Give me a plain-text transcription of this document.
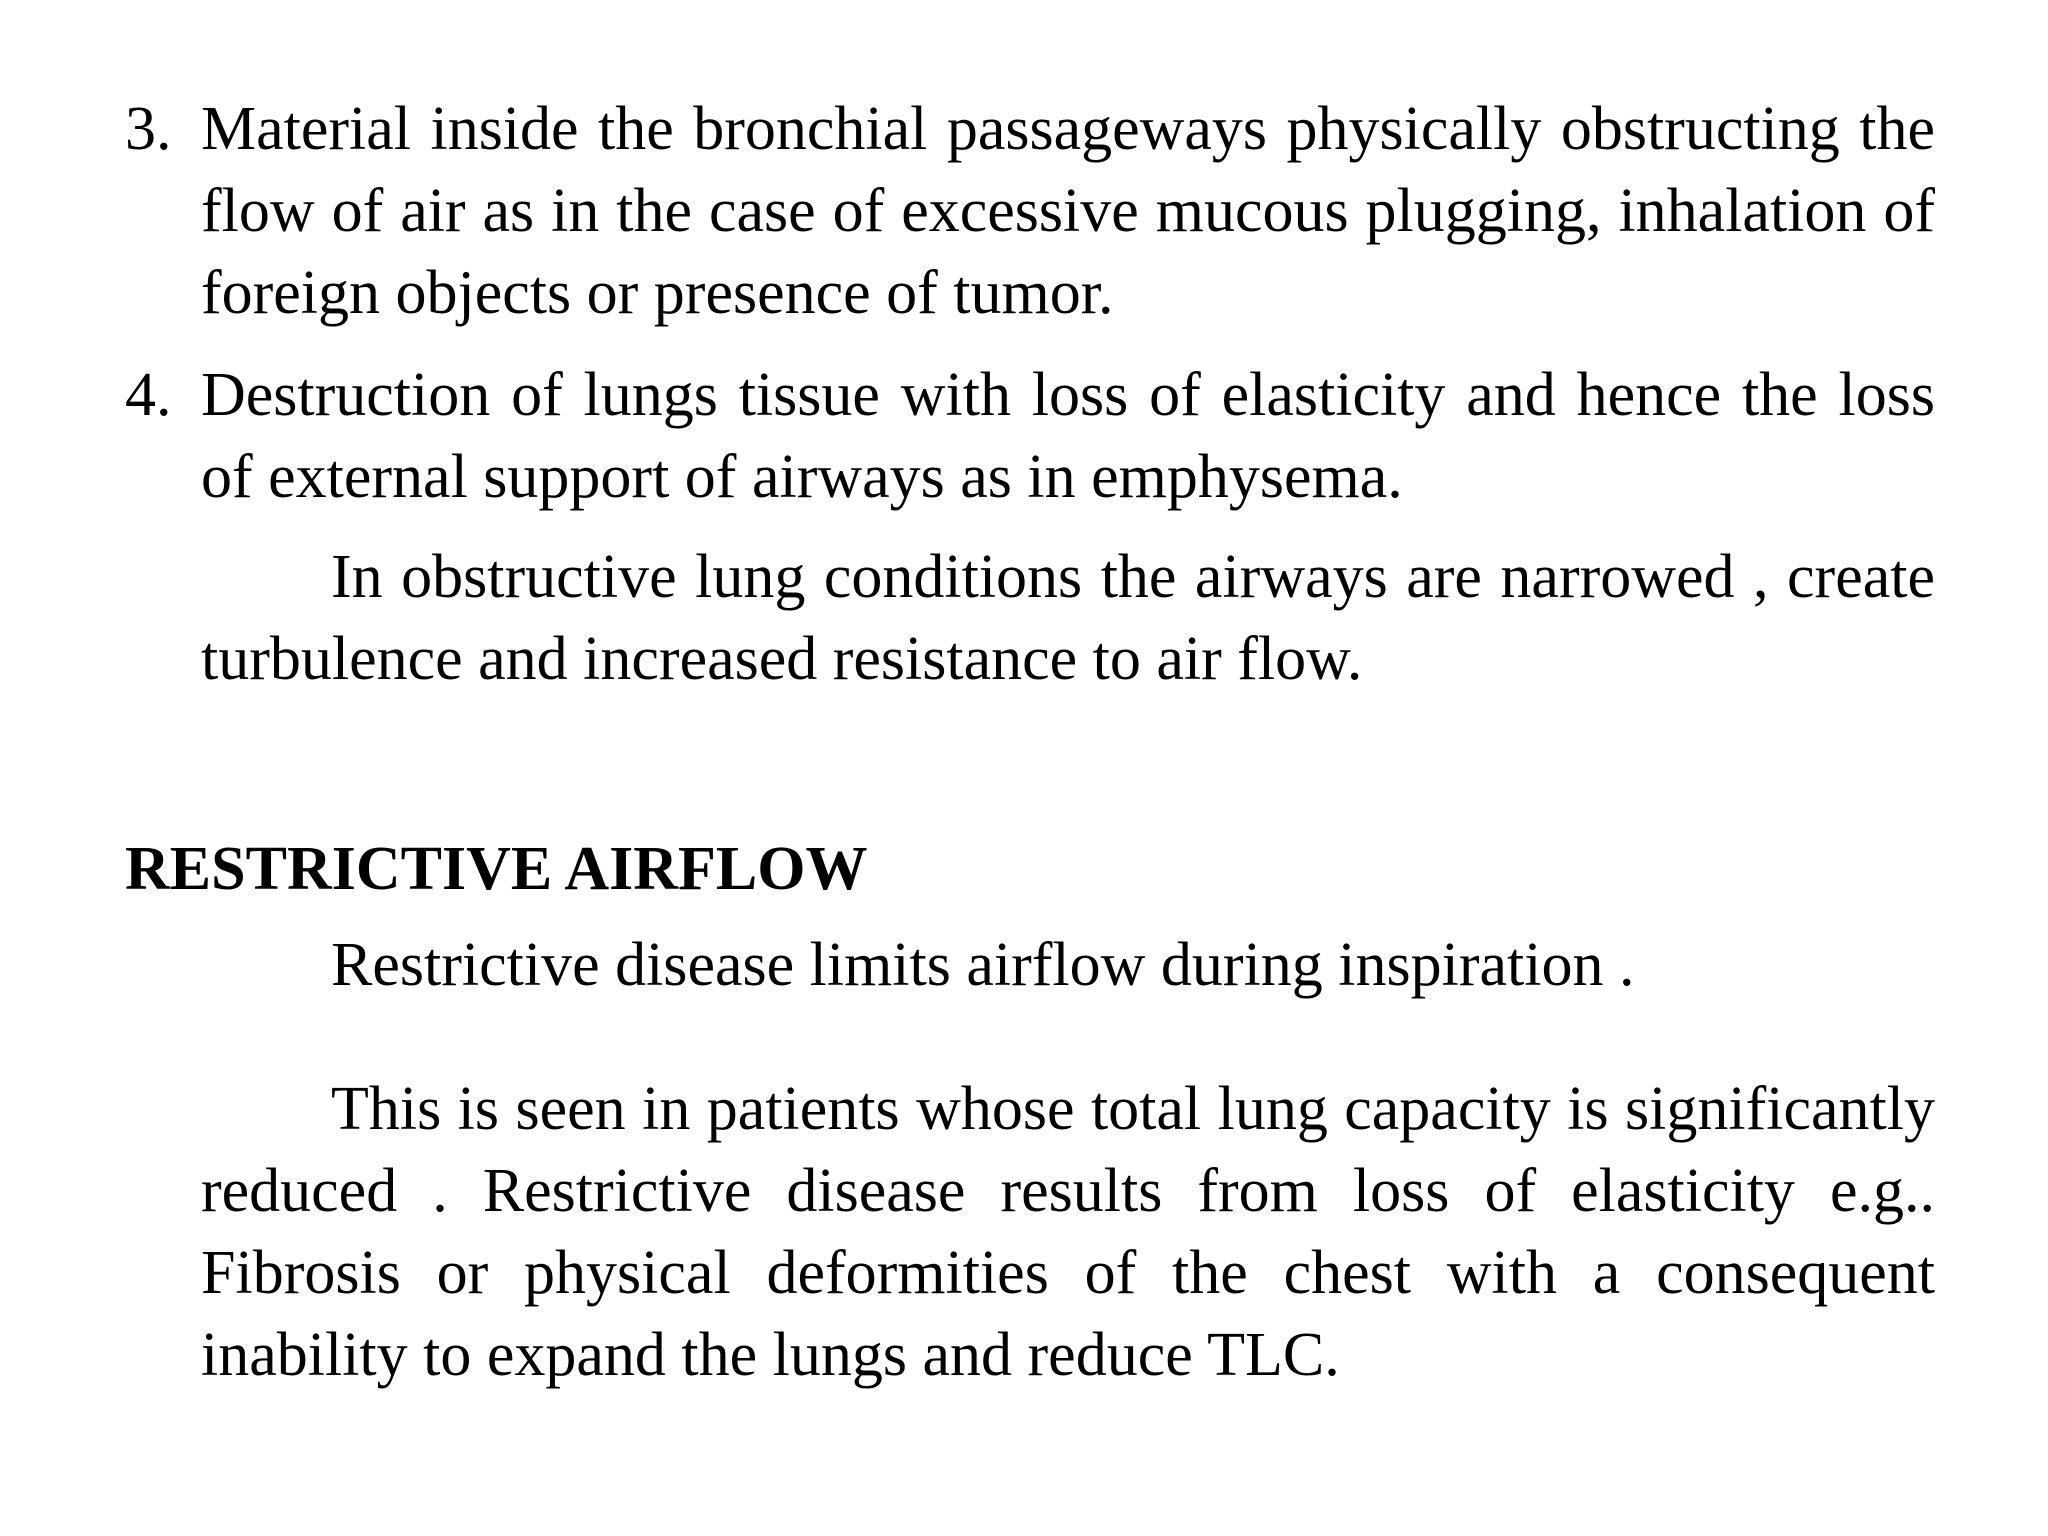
3. Material inside the bronchial passageways physically obstructing the flow of air as in the case of excessive mucous plugging, inhalation of foreign objects or presence of tumor.
4. Destruction of lungs tissue with loss of elasticity and hence the loss of external support of airways as in emphysema.

In obstructive lung conditions the airways are narrowed , create turbulence and increased resistance to air flow.

RESTRICTIVE AIRFLOW

Restrictive disease limits airflow during inspiration .

This is seen in patients whose total lung capacity is significantly reduced . Restrictive disease results from loss of elasticity e.g.. Fibrosis or physical deformities of the chest with a consequent inability to expand the lungs and reduce TLC.
